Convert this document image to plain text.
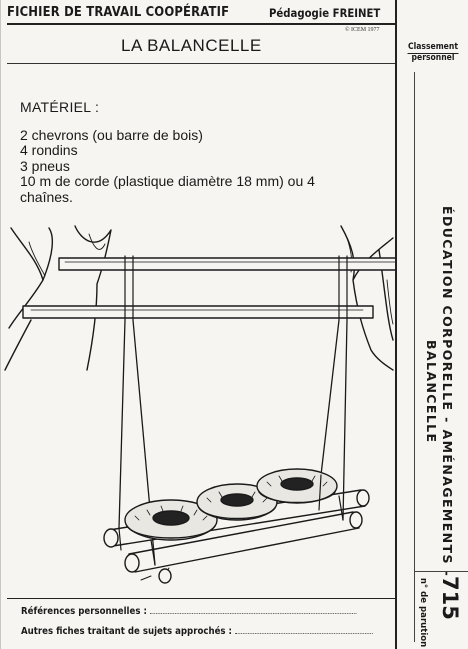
FICHIER DE TRAVAIL COOPÉRATIF	Pédagogie FREINET
© ICEM 1977
LA BALANCELLE
MATÉRIEL :
2 chevrons (ou barre de bois)
4 rondins
3 pneus
10 m de corde (plastique diamètre 18 mm) ou 4
chaînes.
Références personnelles :
Autres fiches traitant de sujets approchés :
Classement
personnel
ÉDUCATION CORPORELLE - AMÉNAGEMENTS -
BALANCELLE
n° de parution 715
